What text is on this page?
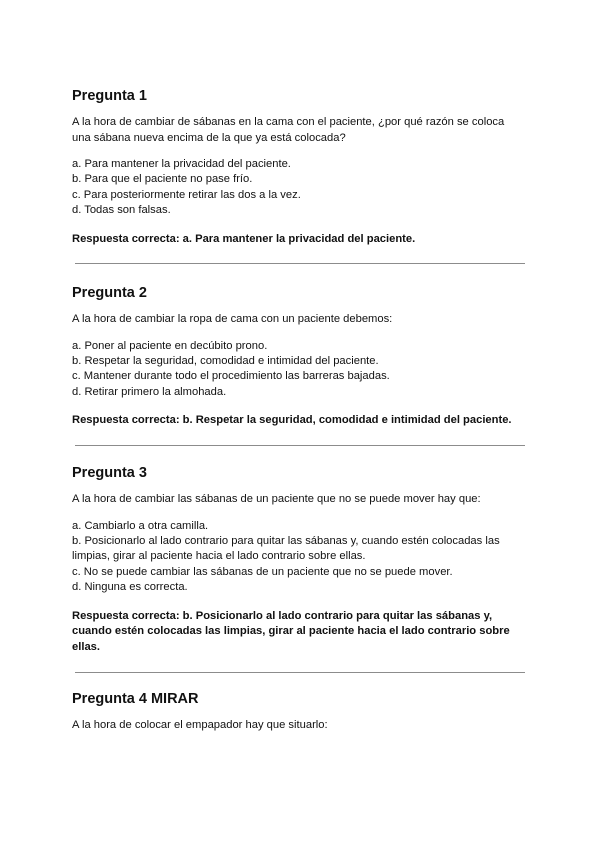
Pregunta 1

A la hora de cambiar de sábanas en la cama con el paciente, ¿por qué razón se coloca una sábana nueva encima de la que ya está colocada?

a. Para mantener la privacidad del paciente.
b. Para que el paciente no pase frío.
c. Para posteriormente retirar las dos a la vez.
d. Todas son falsas.

Respuesta correcta: a. Para mantener la privacidad del paciente.

Pregunta 2

A la hora de cambiar la ropa de cama con un paciente debemos:

a. Poner al paciente en decúbito prono.
b. Respetar la seguridad, comodidad e intimidad del paciente.
c. Mantener durante todo el procedimiento las barreras bajadas.
d. Retirar primero la almohada.

Respuesta correcta: b. Respetar la seguridad, comodidad e intimidad del paciente.

Pregunta 3

A la hora de cambiar las sábanas de un paciente que no se puede mover hay que:

a. Cambiarlo a otra camilla.
b. Posicionarlo al lado contrario para quitar las sábanas y, cuando estén colocadas las limpias, girar al paciente hacia el lado contrario sobre ellas.
c. No se puede cambiar las sábanas de un paciente que no se puede mover.
d. Ninguna es correcta.

Respuesta correcta: b. Posicionarlo al lado contrario para quitar las sábanas y, cuando estén colocadas las limpias, girar al paciente hacia el lado contrario sobre ellas.

Pregunta 4 MIRAR

A la hora de colocar el empapador hay que situarlo:
